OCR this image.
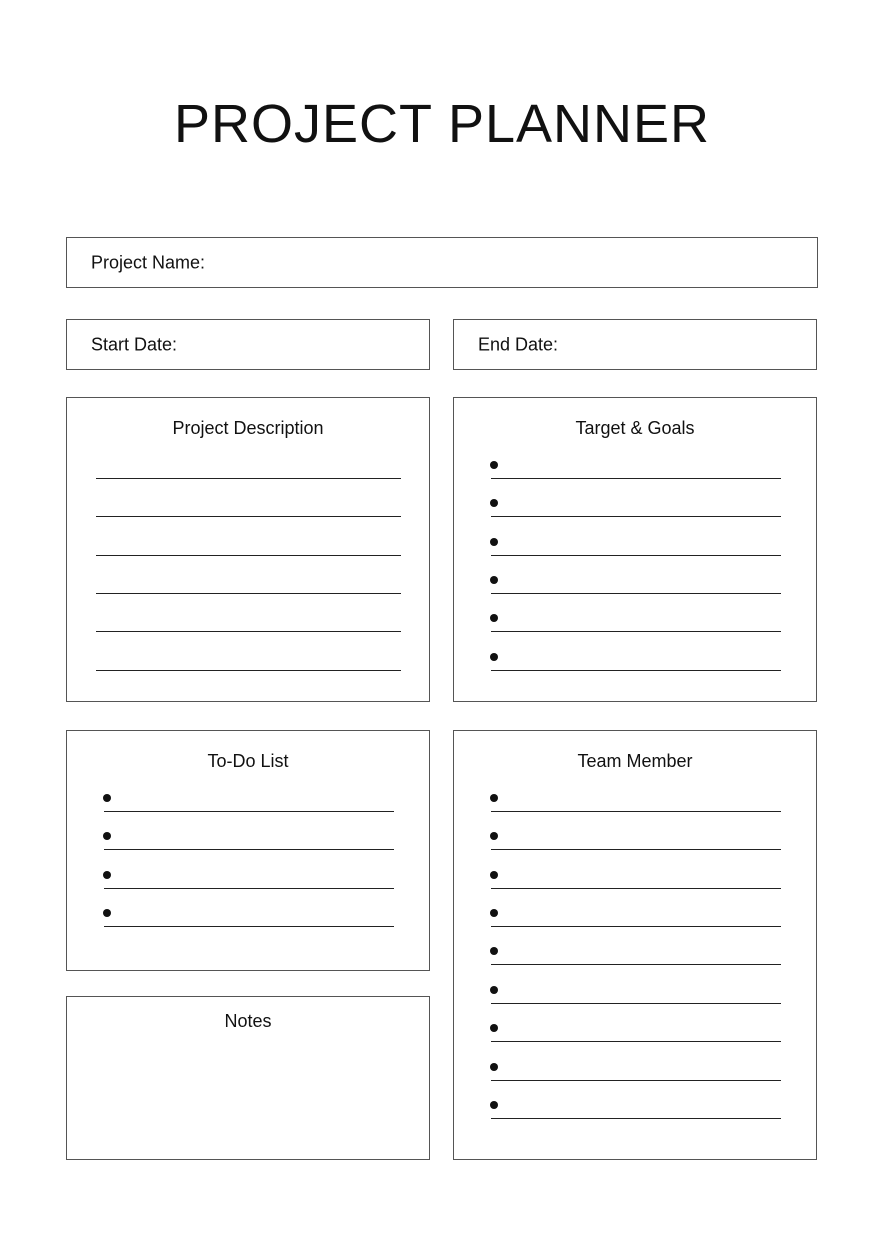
PROJECT PLANNER
Project Name:
Start Date:	End Date:
Project Description	Target & Goals
To-Do List	Team Member
Notes
